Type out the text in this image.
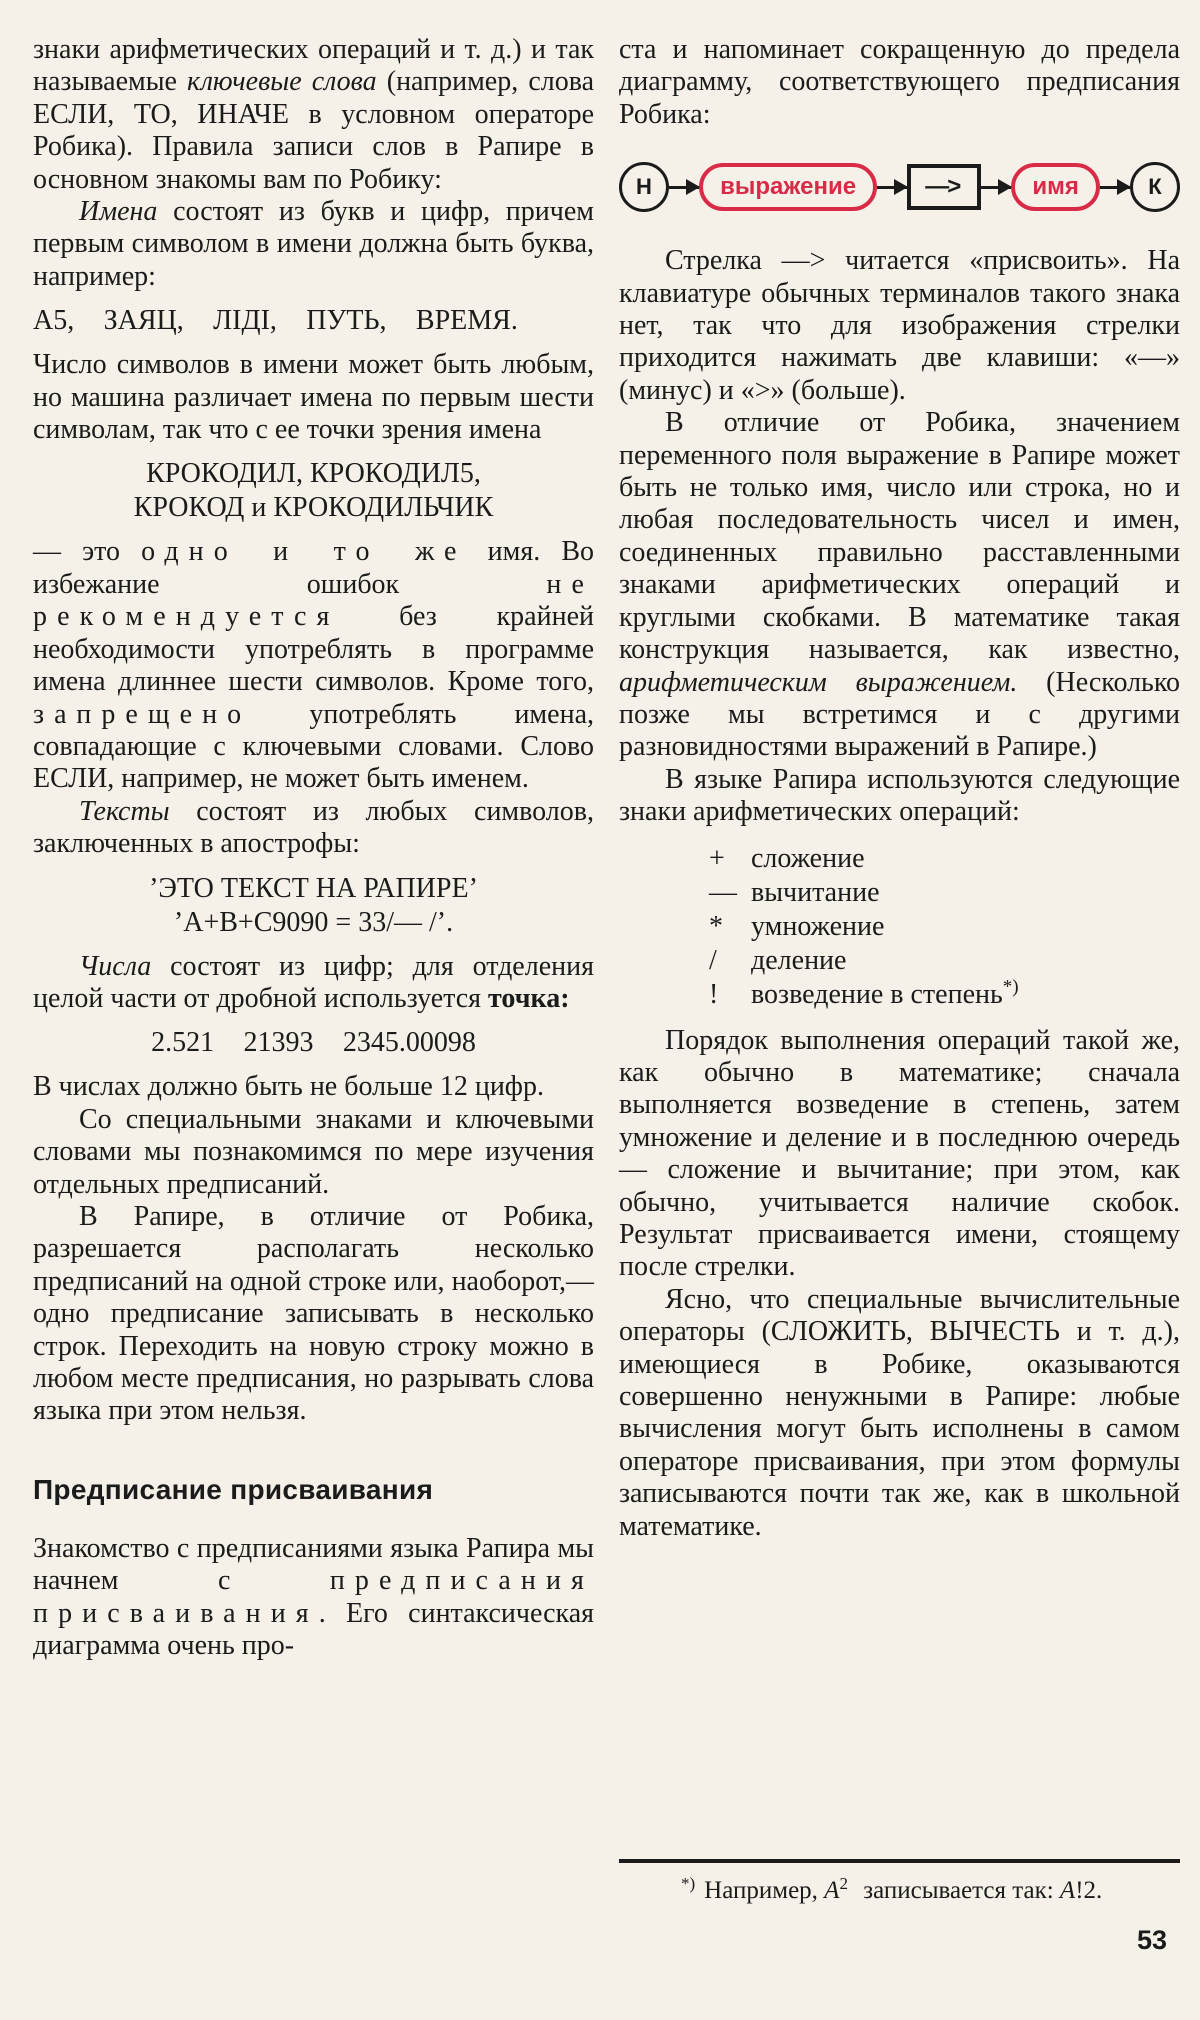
знаки арифметических операций и т. д.) и так называемые ключевые слова (например, слова ЕСЛИ, ТО, ИНАЧЕ в условном операторе Робика). Правила записи слов в Рапире в основном знакомы вам по Робику:

Имена состоят из букв и цифр, причем первым символом в имени должна быть буква, например:

А5, ЗАЯЦ, ЛІДІ, ПУТЬ, ВРЕМЯ.

Число символов в имени может быть любым, но машина различает имена по первым шести символам, так что с ее точки зрения имена

КРОКОДИЛ, КРОКОДИЛ5,
КРОКОД и КРОКОДИЛЬЧИК

— это одно и то же имя. Во избежание ошибок не рекомендуется без крайней необходимости употреблять в программе имена длиннее шести символов. Кроме того, запрещено употреблять имена, совпадающие с ключевыми словами. Слово ЕСЛИ, например, не может быть именем.

Тексты состоят из любых символов, заключенных в апострофы:

’ЭТО ТЕКСТ НА РАПИРЕ’
’А+В+С9090 = 33/— /’.

Числа состоят из цифр; для отделения целой части от дробной используется точка:

2.521 21393 2345.00098

В числах должно быть не больше 12 цифр.

Со специальными знаками и ключевыми словами мы познакомимся по мере изучения отдельных предписаний.

В Рапире, в отличие от Робика, разрешается располагать несколько предписаний на одной строке или, наоборот,— одно предписание записывать в несколько строк. Переходить на новую строку можно в любом месте предписания, но разрывать слова языка при этом нельзя.

Предписание присваивания

Знакомство с предписаниями языка Рапира мы начнем с предписания присваивания. Его синтаксическая диаграмма очень про-

ста и напоминает сокращенную до предела диаграмму, соответствующего предписания Робика:

Н	выражение	—>	имя	К

Стрелка —> читается «присвоить». На клавиатуре обычных терминалов такого знака нет, так что для изображения стрелки приходится нажимать две клавиши: «—» (минус) и «>» (больше).

В отличие от Робика, значением переменного поля выражение в Рапире может быть не только имя, число или строка, но и любая последовательность чисел и имен, соединенных правильно расставленными знаками арифметических операций и круглыми скобками. В математике такая конструкция называется, как известно, арифметическим выражением. (Несколько позже мы встретимся и с другими разновидностями выражений в Рапире.)

В языке Рапира используются следующие знаки арифметических операций:

+ сложение
— вычитание
* умножение
/ деление
! возведение в степень*)

Порядок выполнения операций такой же, как обычно в математике; сначала выполняется возведение в степень, затем умножение и деление и в последнюю очередь — сложение и вычитание; при этом, как обычно, учитывается наличие скобок. Результат присваивается имени, стоящему после стрелки.

Ясно, что специальные вычислительные операторы (СЛОЖИТЬ, ВЫЧЕСТЬ и т. д.), имеющиеся в Робике, оказываются совершенно ненужными в Рапире: любые вычисления могут быть исполнены в самом операторе присваивания, при этом формулы записываются почти так же, как в школьной математике.

*) Например, $А^2$ записывается так: А!2.

53
